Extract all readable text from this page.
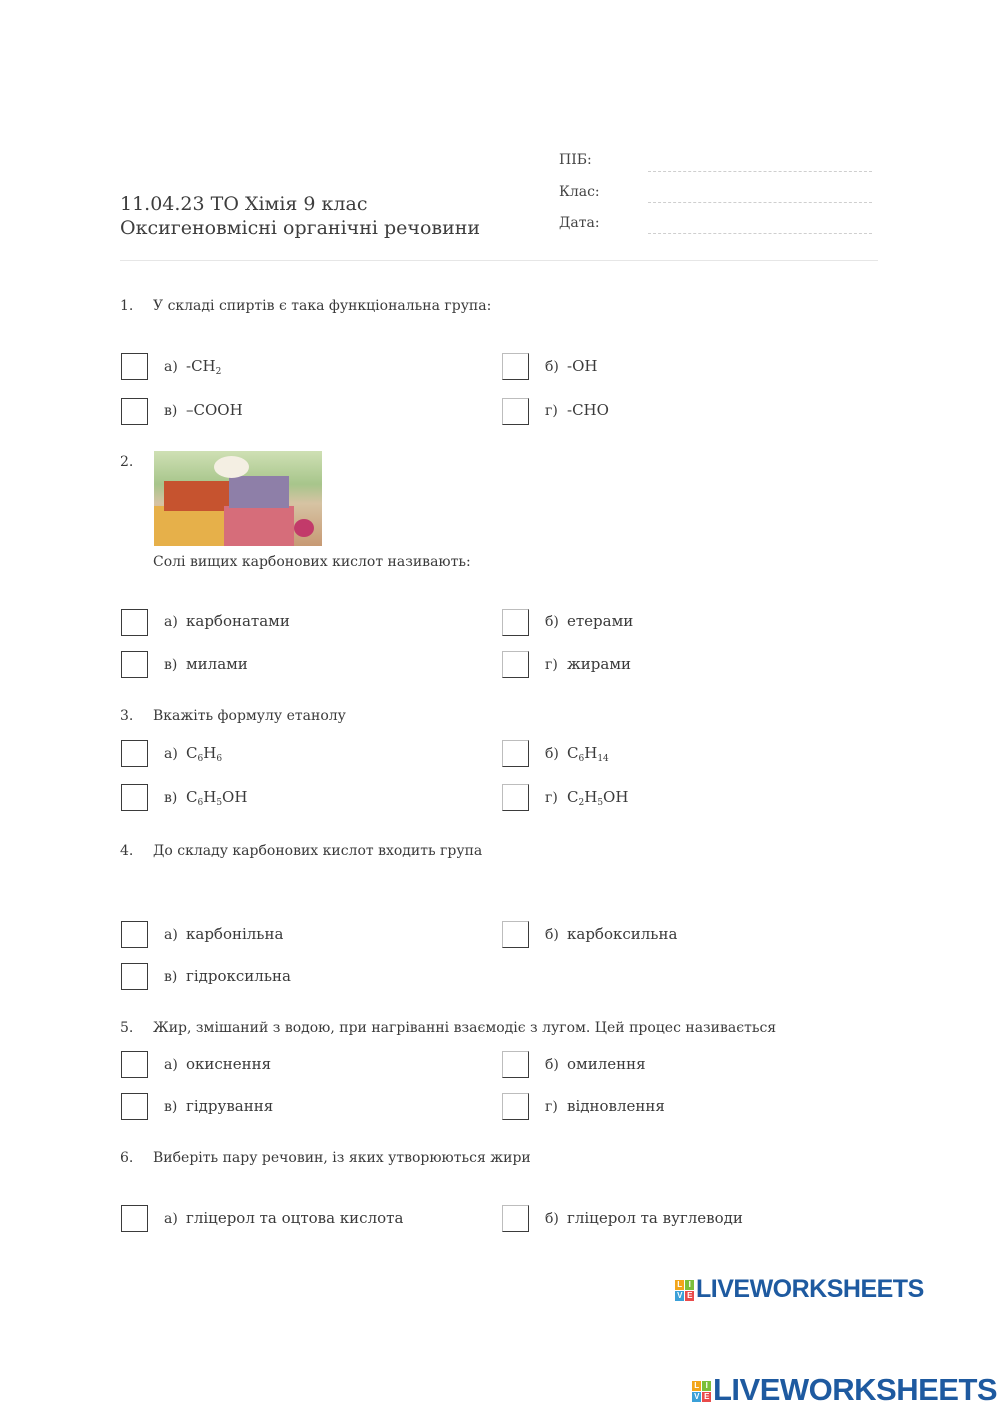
11.04.23 ТО Хімія 9 клас Оксигеновмісні органічні речовини
ПІБ:
Клас:
Дата:
1. У складі спиртів є така функціональна група:
а) $-CH_2$	б) -OH
в) –COOH	г) -CHO
2.
Солі вищих карбонових кислот називають:
а) карбонатами	б) етерами
в) милами	г) жирами
3. Вкажіть формулу етанолу
а) $C_6H_6$	б) $C_6H_{14}$
в) $C_6H_5OH$	г) $C_2H_5OH$
4. До складу карбонових кислот входить група
а) карбонільна	б) карбоксильна
в) гідроксильна
5. Жир, змішаний з водою, при нагріванні взаємодіє з лугом. Цей процес називається
а) окиснення	б) омилення
в) гідрування	г) відновлення
6. Виберіть пару речовин, із яких утворюються жири
а) гліцерол та оцтова кислота	б) гліцерол та вуглеводи
L I
V E LIVEWORKSHEETS
L I
V E LIVEWORKSHEETS
